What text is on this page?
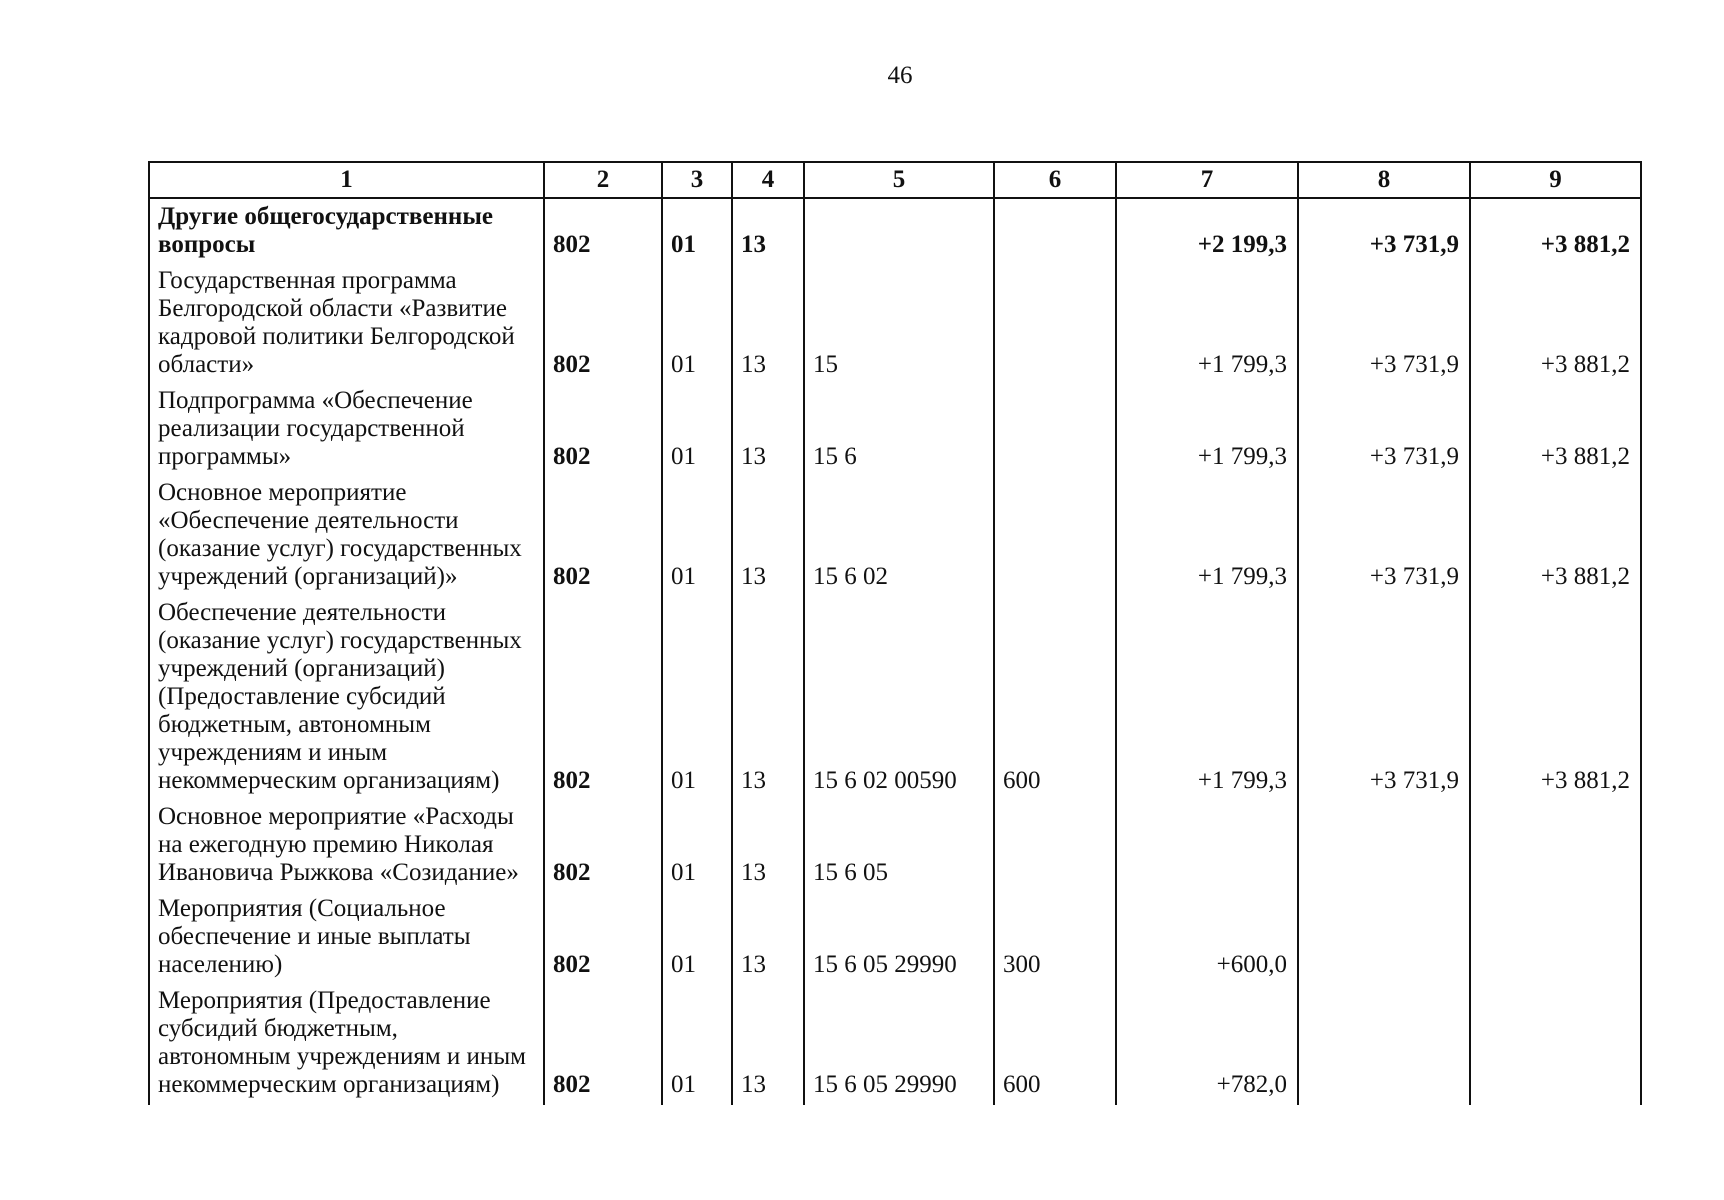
46
1	2	3	4	5	6	7	8	9
Другие общегосударственные вопросы	802	01	13			+2 199,3	+3 731,9	+3 881,2
Государственная программа Белгородской области «Развитие кадровой политики Белгородской области»	802	01	13	15		+1 799,3	+3 731,9	+3 881,2
Подпрограмма «Обеспечение реализации государственной программы»	802	01	13	15 6		+1 799,3	+3 731,9	+3 881,2
Основное мероприятие «Обеспечение деятельности (оказание услуг) государственных учреждений (организаций)»	802	01	13	15 6 02		+1 799,3	+3 731,9	+3 881,2
Обеспечение деятельности (оказание услуг) государственных учреждений (организаций) (Предоставление субсидий бюджетным, автономным учреждениям и иным некоммерческим организациям)	802	01	13	15 6 02 00590	600	+1 799,3	+3 731,9	+3 881,2
Основное мероприятие «Расходы на ежегодную премию Николая Ивановича Рыжкова «Созидание»	802	01	13	15 6 05				
Мероприятия (Социальное обеспечение и иные выплаты населению)	802	01	13	15 6 05 29990	300	+600,0		
Мероприятия (Предоставление субсидий бюджетным, автономным учреждениям и иным некоммерческим организациям)	802	01	13	15 6 05 29990	600	+782,0		
